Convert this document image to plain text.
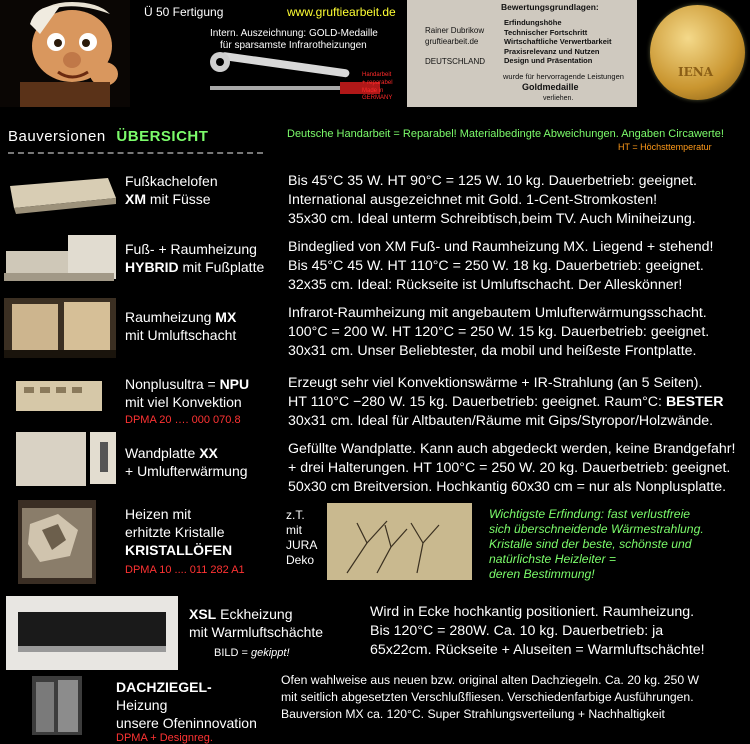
Ü 50 Fertigung	www.gruftiearbeit.de
Intern. Auszeichnung: GOLD-Medaille
für sparsamste Infrarotheizungen
Handarbeit
+ reparabel
Made in GERMANY
Rainer Dubrikow
gruftiearbeit.de
DEUTSCHLAND
Bewertungsgrundlagen:
Erfindungshöhe
Technischer Fortschritt
Wirtschaftliche Verwertbarkeit
Praxisrelevanz und Nutzen
Design und Präsentation
wurde für hervorragende Leistungen
Goldmedaille
verliehen.
IENA
Bauversionen ÜBERSICHT	Deutsche Handarbeit = Reparabel! Materialbedingte Abweichungen. Angaben Circawerte!
HT = Höchsttemperatur
Fußkachelofen
XM mit Füsse
Bis 45°C 35 W. HT 90°C = 125 W. 10 kg. Dauerbetrieb: geeignet.
International ausgezeichnet mit Gold. 1-Cent-Stromkosten!
35x30 cm. Ideal unterm Schreibtisch,beim TV. Auch Miniheizung.
Fuß- + Raumheizung
HYBRID mit Fußplatte
Bindeglied von XM Fuß- und Raumheizung MX. Liegend + stehend!
Bis 45°C 45 W. HT 110°C = 250 W. 18 kg. Dauerbetrieb: geeignet.
32x35 cm. Ideal: Rückseite ist Umluftschacht. Der Alleskönner!
Raumheizung MX
mit Umluftschacht
Infrarot-Raumheizung mit angebautem Umlufterwärmungsschacht.
100°C = 200 W. HT 120°C = 250 W. 15 kg. Dauerbetrieb: geeignet.
30x31 cm. Unser Beliebtester, da mobil und heißeste Frontplatte.
Nonplusultra = NPU
mit viel Konvektion
DPMA 20 …. 000 070.8
Erzeugt sehr viel Konvektionswärme + IR-Strahlung (an 5 Seiten).
HT 110°C −280 W. 15 kg. Dauerbetrieb: geeignet. Raum°C: BESTER
30x31 cm. Ideal für Altbauten/Räume mit Gips/Styropor/Holzwände.
Wandplatte XX
+ Umlufterwärmung
Gefüllte Wandplatte. Kann auch abgedeckt werden, keine Brandgefahr!
+ drei Halterungen. HT 100°C = 250 W. 20 kg. Dauerbetrieb: geeignet.
50x30 cm Breitversion. Hochkantig 60x30 cm = nur als Nonplusplatte.
Heizen mit
erhitzte Kristalle
KRISTALLÖFEN
DPMA 10 .... 011 282 A1
z.T.
mit
JURA
Deko
Wichtigste Erfindung: fast verlustfreie
sich überschneidende Wärmestrahlung.
Kristalle sind der beste, schönste und
natürlichste Heizleiter =
deren Bestimmung!
XSL Eckheizung
mit Warmluftschächte
BILD = gekippt!
Wird in Ecke hochkantig positioniert. Raumheizung.
Bis 120°C = 280W. Ca. 10 kg. Dauerbetrieb: ja
65x22cm. Rückseite + Aluseiten = Warmluftschächte!
DACHZIEGEL-
Heizung
unsere Ofeninnovation
DPMA + Designreg.
Ofen wahlweise aus neuen bzw. original alten Dachziegeln. Ca. 20 kg. 250 W
mit seitlich abgesetzten Verschlußfliesen. Verschiedenfarbige Ausführungen.
Bauversion MX ca. 120°C. Super Strahlungsverteilung + Nachhaltigkeit
